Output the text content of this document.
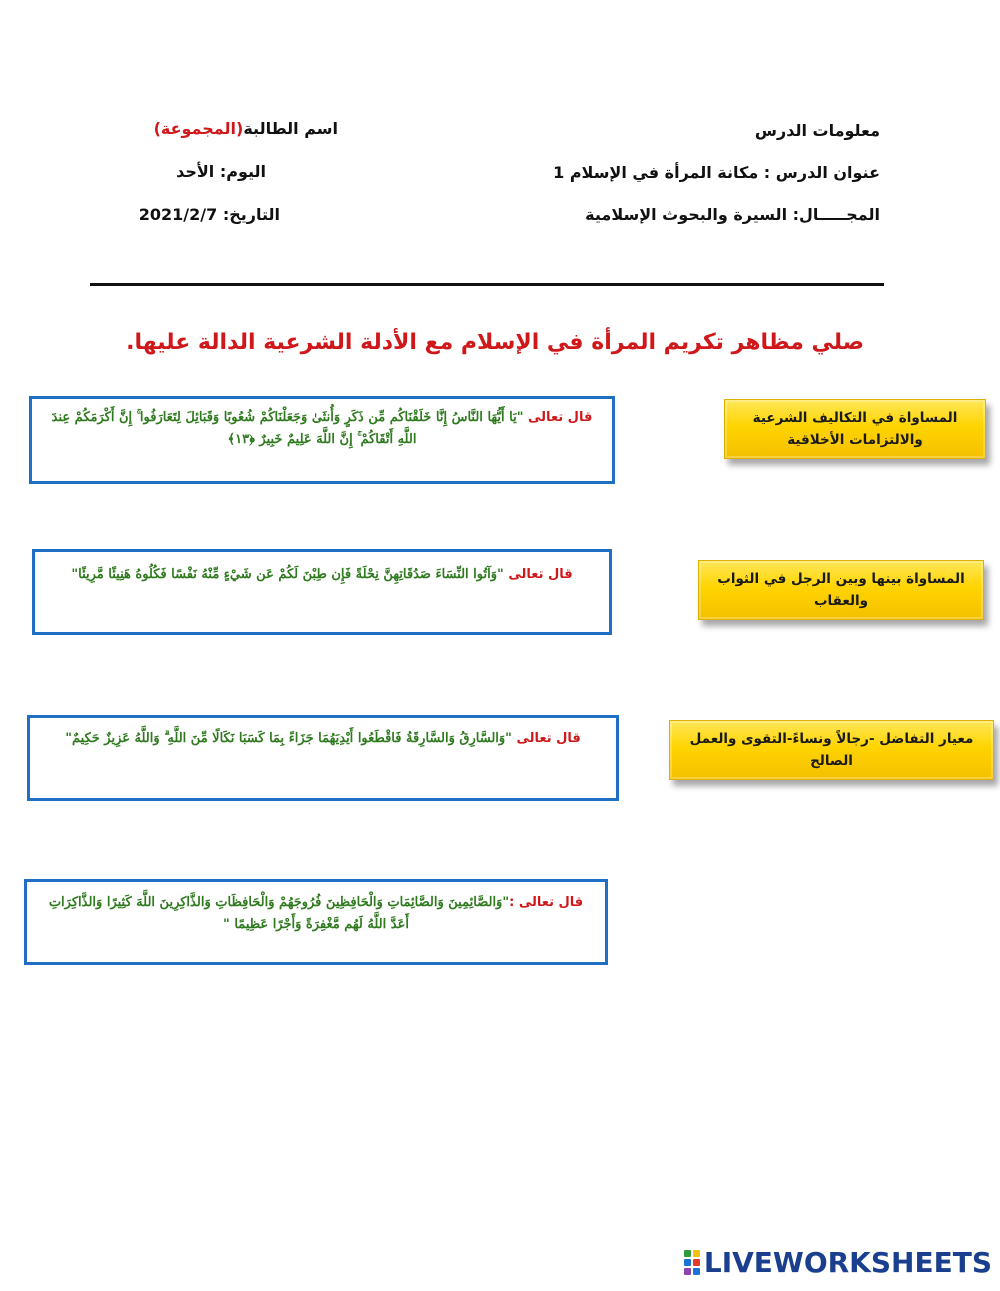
معلومات الدرس
اسم الطالبة(المجموعة)
عنوان الدرس : مكانة المرأة في الإسلام 1
اليوم: الأحد
المجـــــال: السيرة والبحوث الإسلامية
التاريخ: 2021/2/7
صلي مظاهر تكريم المرأة في الإسلام مع الأدلة الشرعية الدالة عليها.
قال تعالى "يَا أَيُّهَا النَّاسُ إِنَّا خَلَقْنَاكُم مِّن ذَكَرٍ وَأُنثَىٰ وَجَعَلْنَاكُمْ شُعُوبًا وَقَبَائِلَ لِتَعَارَفُوا ۚ إِنَّ أَكْرَمَكُمْ عِندَ اللَّهِ أَتْقَاكُمْ ۚ إِنَّ اللَّهَ عَلِيمٌ خَبِيرٌ ﴿١٣﴾
قال تعالى "وَآتُوا النِّسَاءَ صَدُقَاتِهِنَّ نِحْلَةً فَإِن طِبْنَ لَكُمْ عَن شَيْءٍ مِّنْهُ نَفْسًا فَكُلُوهُ هَنِيئًا مَّرِيئًا"
قال تعالى "وَالسَّارِقُ وَالسَّارِقَةُ فَاقْطَعُوا أَيْدِيَهُمَا جَزَاءً بِمَا كَسَبَا نَكَالًا مِّنَ اللَّهِ ۗ وَاللَّهُ عَزِيزٌ حَكِيمٌ"
قال تعالى :"وَالصَّائِمِينَ وَالصَّائِمَاتِ وَالْحَافِظِينَ فُرُوجَهُمْ وَالْحَافِظَاتِ وَالذَّاكِرِينَ اللَّهَ كَثِيرًا وَالذَّاكِرَاتِ أَعَدَّ اللَّهُ لَهُم مَّغْفِرَةً وَأَجْرًا عَظِيمًا "
المساواة في التكاليف الشرعية والالتزامات الأخلاقية
المساواة بينها وبين الرجل في الثواب والعقاب
معيار التفاضل -رجالاً ونساءً-التقوى والعمل الصالح
LIVEWORKSHEETS
